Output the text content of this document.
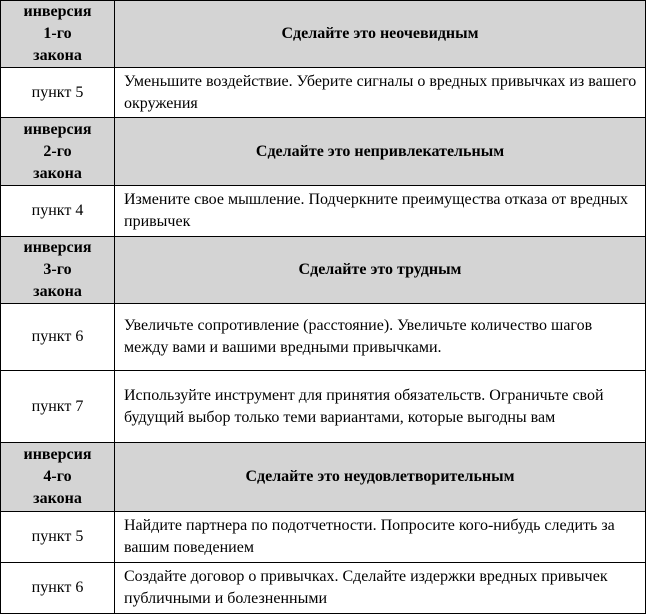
инверсия
1-го
закона	Сделайте это неочевидным
пункт 5	Уменьшите воздействие. Уберите сигналы о вредных привычках из вашего окружения

инверсия
2-го
закона	Сделайте это непривлекательным
пункт 4	Измените свое мышление. Подчеркните преимущества отказа от вредных привычек

инверсия
3-го
закона	Сделайте это трудным
пункт 6	Увеличьте сопротивление (расстояние). Увеличьте количество шагов между вами и вашими вредными привычками.
пункт 7	Используйте инструмент для принятия обязательств. Ограничьте свой будущий выбор только теми вариантами, которые выгодны вам

инверсия
4-го
закона	Сделайте это неудовлетворительным
пункт 5	Найдите партнера по подотчетности. Попросите кого-нибудь следить за вашим поведением
пункт 6	Создайте договор о привычках. Сделайте издержки вредных привычек публичными и болезненными
